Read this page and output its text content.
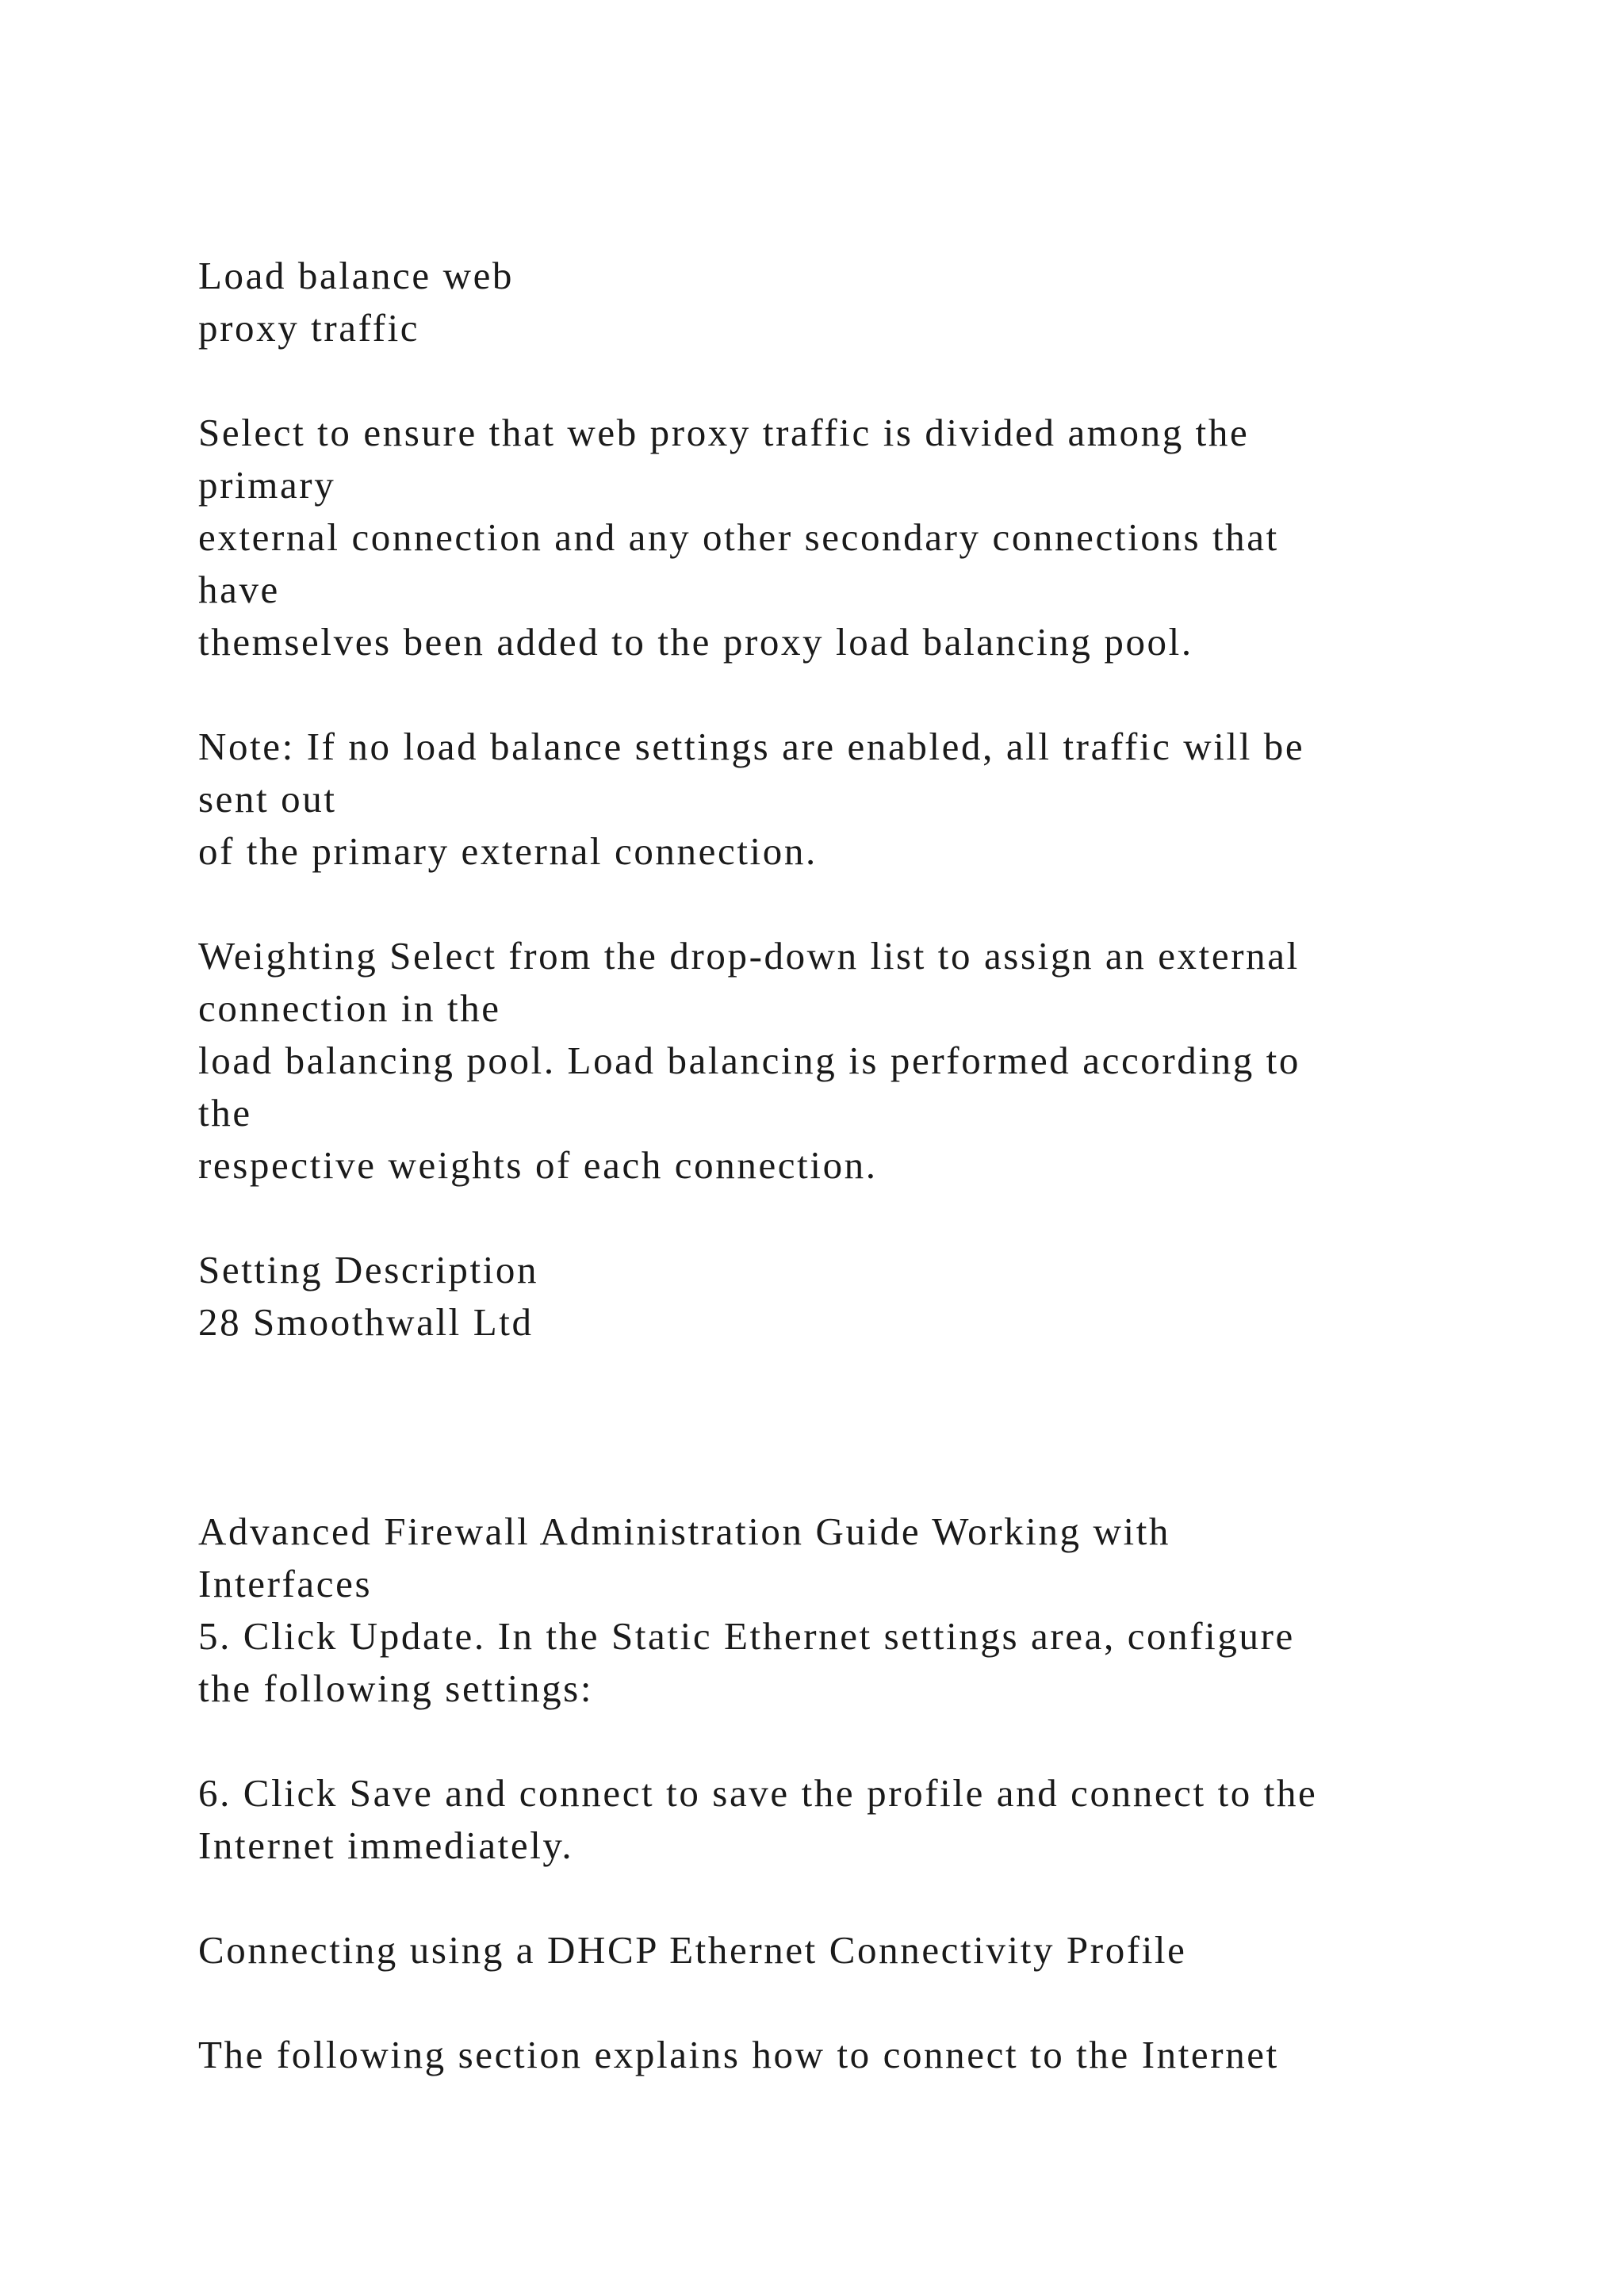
Load balance web

proxy traffic

Select to ensure that web proxy traffic is divided among the

primary

external connection and any other secondary connections that

have

themselves been added to the proxy load balancing pool.

Note: If no load balance settings are enabled, all traffic will be

sent out

of the primary external connection.

Weighting Select from the drop-down list to assign an external

connection in the

load balancing pool. Load balancing is performed according to

the

respective weights of each connection.

Setting Description

28 Smoothwall Ltd

Advanced Firewall Administration Guide Working with

Interfaces

5. Click Update. In the Static Ethernet settings area, configure

the following settings:

6. Click Save and connect to save the profile and connect to the

Internet immediately.

Connecting using a DHCP Ethernet Connectivity Profile

The following section explains how to connect to the Internet
